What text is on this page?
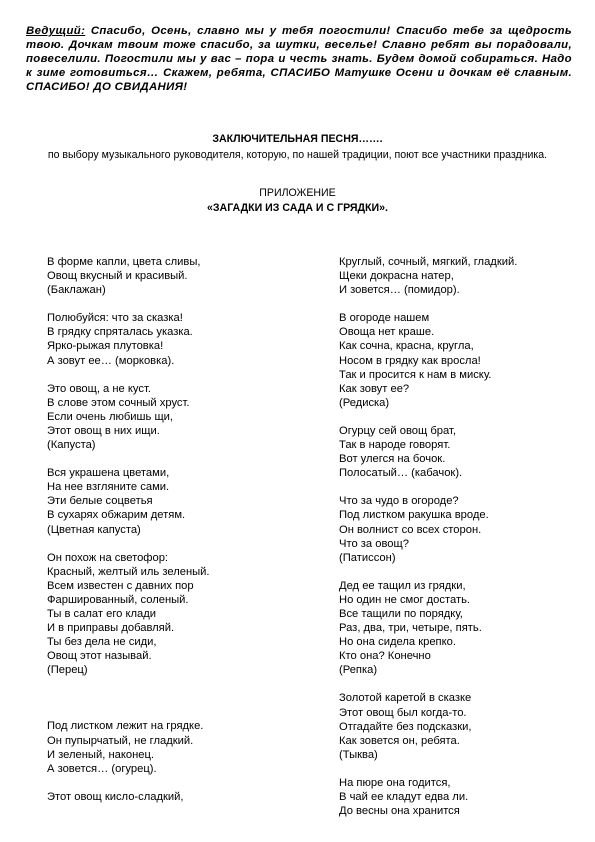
Ведущий: Спасибо, Осень, славно мы у тебя погостили! Спасибо тебе за щедрость твою. Дочкам твоим тоже спасибо, за шутки, веселье! Славно ребят вы порадовали, повеселили. Погостили мы у вас – пора и честь знать. Будем домой собираться. Надо к зиме готовиться… Скажем, ребята, СПАСИБО Матушке Осени и дочкам её славным. СПАСИБО! ДО СВИДАНИЯ!
ЗАКЛЮЧИТЕЛЬНАЯ ПЕСНЯ…….
по выбору музыкального руководителя, которую, по нашей традиции, поют все участники праздника.
ПРИЛОЖЕНИЕ
«ЗАГАДКИ ИЗ САДА И С ГРЯДКИ».
В форме капли, цвета сливы,
Овощ вкусный и красивый.
(Баклажан)
Полюбуйся: что за сказка!
В грядку спряталась указка.
Ярко-рыжая плутовка!
А зовут ее… (морковка).
Это овощ, а не куст.
В слове этом сочный хруст.
Если очень любишь щи,
Этот овощ в них ищи.
(Капуста)
Вся украшена цветами,
На нее взгляните сами.
Эти белые соцветья
В сухарях обжарим детям.
(Цветная капуста)
Он похож на светофор:
Красный, желтый иль зеленый.
Всем известен с давних пор
Фаршированный, соленый.
Ты в салат его клади
И в приправы добавляй.
Ты без дела не сиди,
Овощ этот называй.
(Перец)
Под листком лежит на грядке.
Он пупырчатый, не гладкий.
И зеленый, наконец.
А зовется… (огурец).
Этот овощ кисло-сладкий,
Круглый, сочный, мягкий, гладкий.
Щеки докрасна натер,
И зовется… (помидор).
В огороде нашем
Овоща нет краше.
Как сочна, красна, кругла,
Носом в грядку как вросла!
Так и просится к нам в миску.
Как зовут ее?
(Редиска)
Огурцу сей овощ брат,
Так в народе говорят.
Вот улегся на бочок.
Полосатый… (кабачок).
Что за чудо в огороде?
Под листком ракушка вроде.
Он волнист со всех сторон.
Что за овощ?
(Патиссон)
Дед ее тащил из грядки,
Но один не смог достать.
Все тащили по порядку,
Раз, два, три, четыре, пять.
Но она сидела крепко.
Кто она? Конечно
(Репка)
Золотой каретой в сказке
Этот овощ был когда-то.
Отгадайте без подсказки,
Как зовется он, ребята.
(Тыква)
На пюре она годится,
В чай ее кладут едва ли.
До весны она хранится
